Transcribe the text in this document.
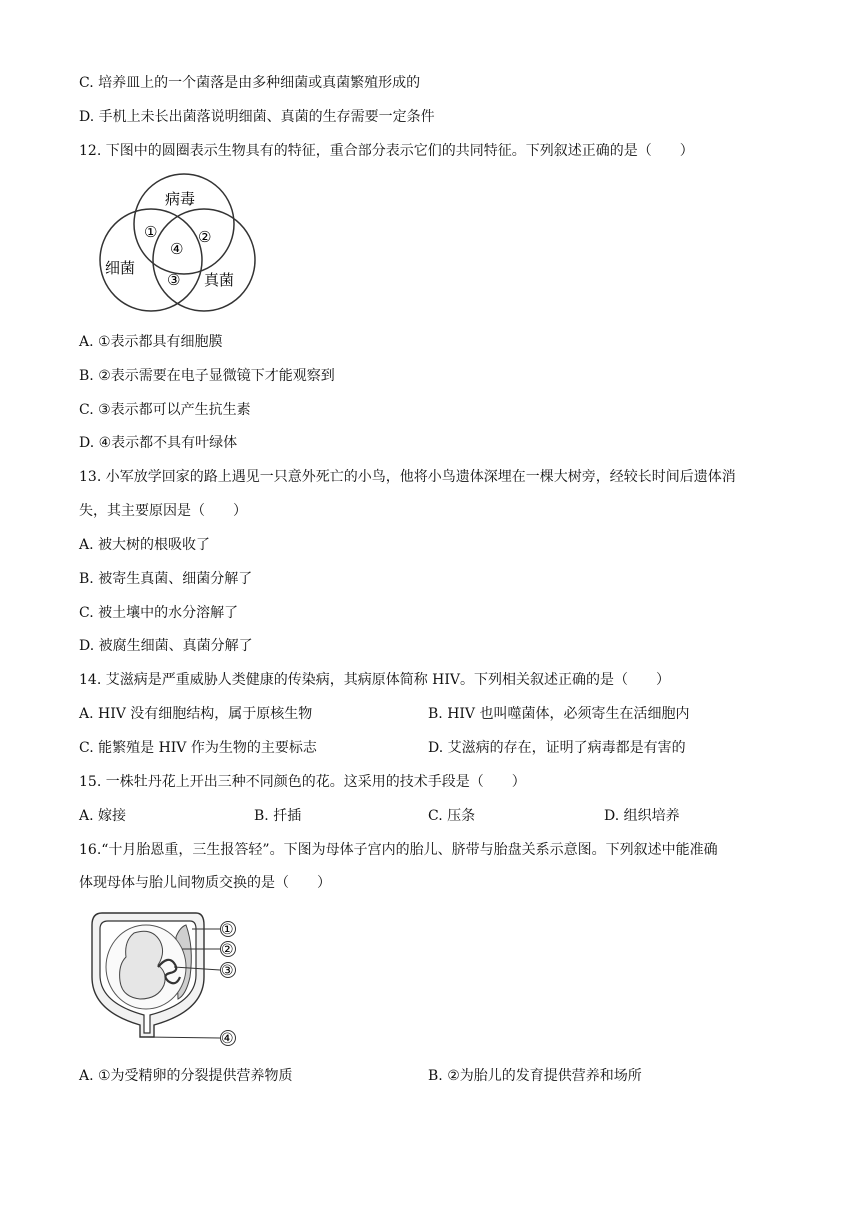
C. 培养皿上的一个菌落是由多种细菌或真菌繁殖形成的
D. 手机上未长出菌落说明细菌、真菌的生存需要一定条件
12. 下图中的圆圈表示生物具有的特征，重合部分表示它们的共同特征。下列叙述正确的是（　　）
病毒
细菌
真菌
①	②
③
④
A. ①表示都具有细胞膜
B. ②表示需要在电子显微镜下才能观察到
C. ③表示都可以产生抗生素
D. ④表示都不具有叶绿体
13. 小军放学回家的路上遇见一只意外死亡的小鸟，他将小鸟遗体深埋在一棵大树旁，经较长时间后遗体消
失，其主要原因是（　　）
A. 被大树的根吸收了
B. 被寄生真菌、细菌分解了
C. 被土壤中的水分溶解了
D. 被腐生细菌、真菌分解了
14. 艾滋病是严重威胁人类健康的传染病，其病原体简称 HIV。下列相关叙述正确的是（　　）
A. HIV 没有细胞结构，属于原核生物	B. HIV 也叫噬菌体，必须寄生在活细胞内
C. 能繁殖是 HIV 作为生物的主要标志	D. 艾滋病的存在，证明了病毒都是有害的
15. 一株牡丹花上开出三种不同颜色的花。这采用的技术手段是（　　）
A. 嫁接	B. 扦插	C. 压条	D. 组织培养
16.“十月胎恩重，三生报答轻”。下图为母体子宫内的胎儿、脐带与胎盘关系示意图。下列叙述中能准确
体现母体与胎儿间物质交换的是（　　）
①
②
③
④
A. ①为受精卵的分裂提供营养物质	B. ②为胎儿的发育提供营养和场所
